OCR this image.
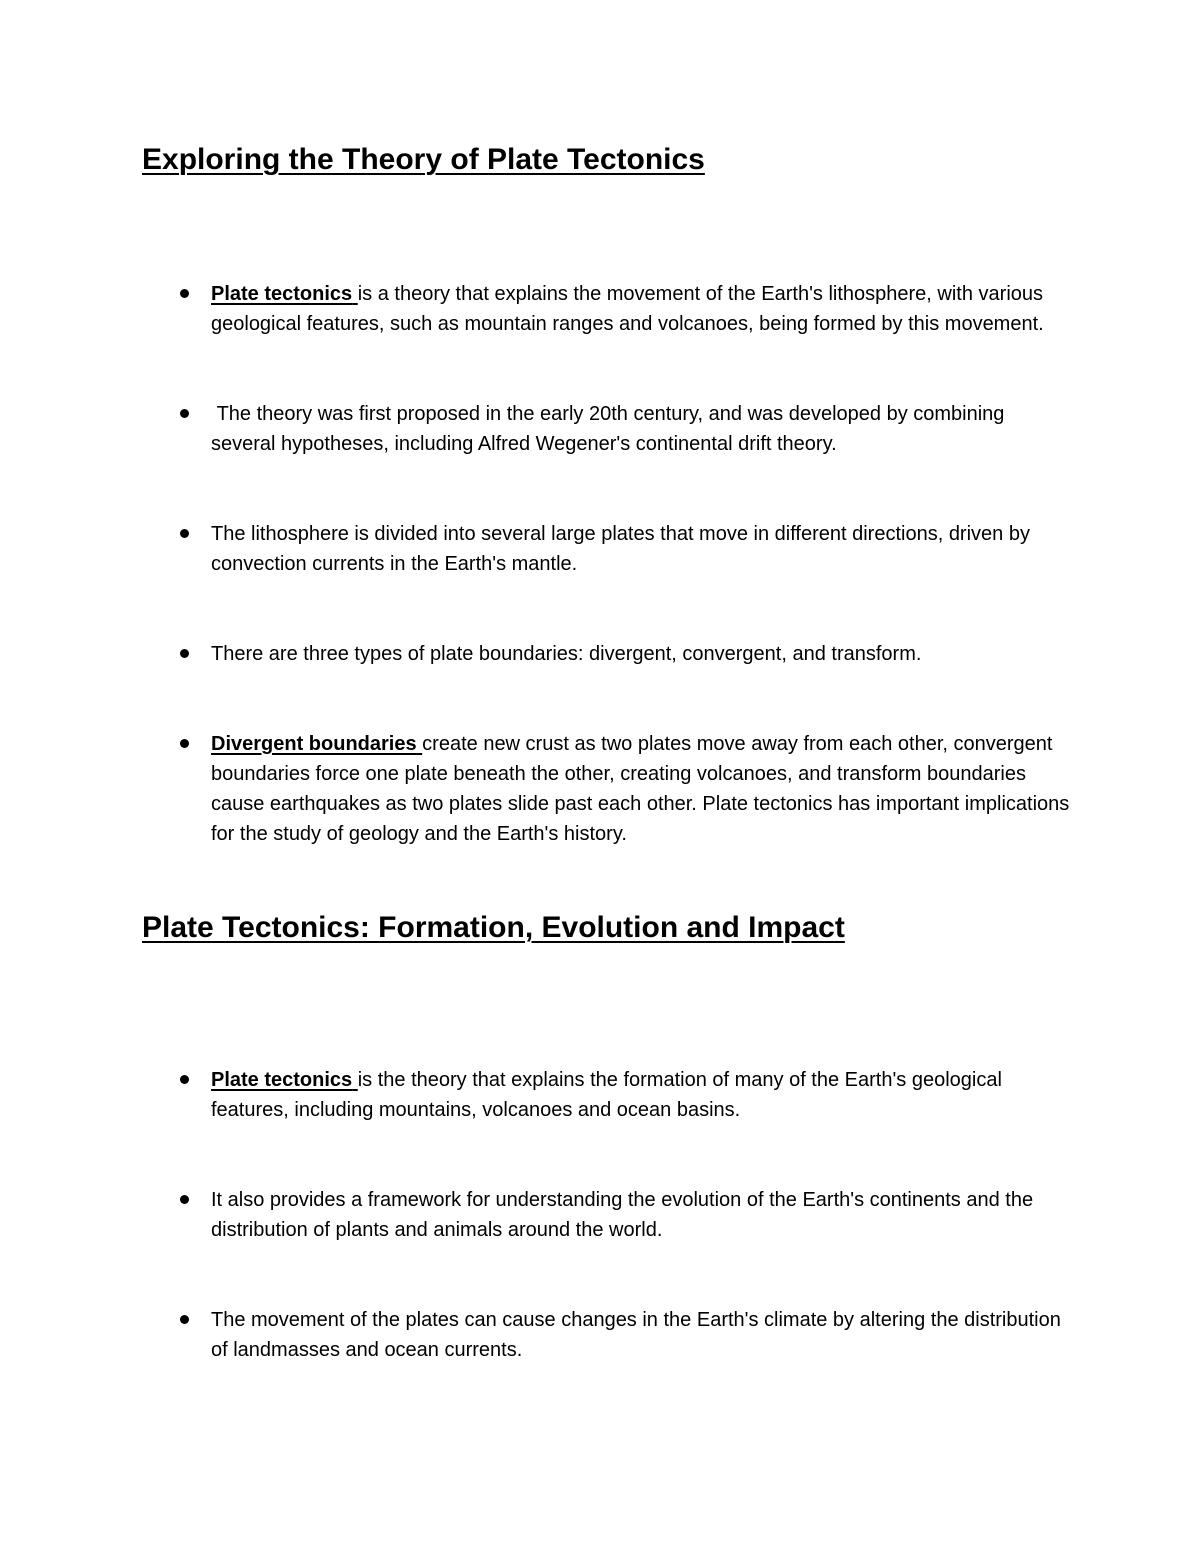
Exploring the Theory of Plate Tectonics
Plate tectonics is a theory that explains the movement of the Earth's lithosphere, with various geological features, such as mountain ranges and volcanoes, being formed by this movement.
The theory was first proposed in the early 20th century, and was developed by combining several hypotheses, including Alfred Wegener's continental drift theory.
The lithosphere is divided into several large plates that move in different directions, driven by convection currents in the Earth's mantle.
There are three types of plate boundaries: divergent, convergent, and transform.
Divergent boundaries create new crust as two plates move away from each other, convergent boundaries force one plate beneath the other, creating volcanoes, and transform boundaries cause earthquakes as two plates slide past each other. Plate tectonics has important implications for the study of geology and the Earth's history.
Plate Tectonics: Formation, Evolution and Impact
Plate tectonics is the theory that explains the formation of many of the Earth's geological features, including mountains, volcanoes and ocean basins.
It also provides a framework for understanding the evolution of the Earth's continents and the distribution of plants and animals around the world.
The movement of the plates can cause changes in the Earth's climate by altering the distribution of landmasses and ocean currents.
